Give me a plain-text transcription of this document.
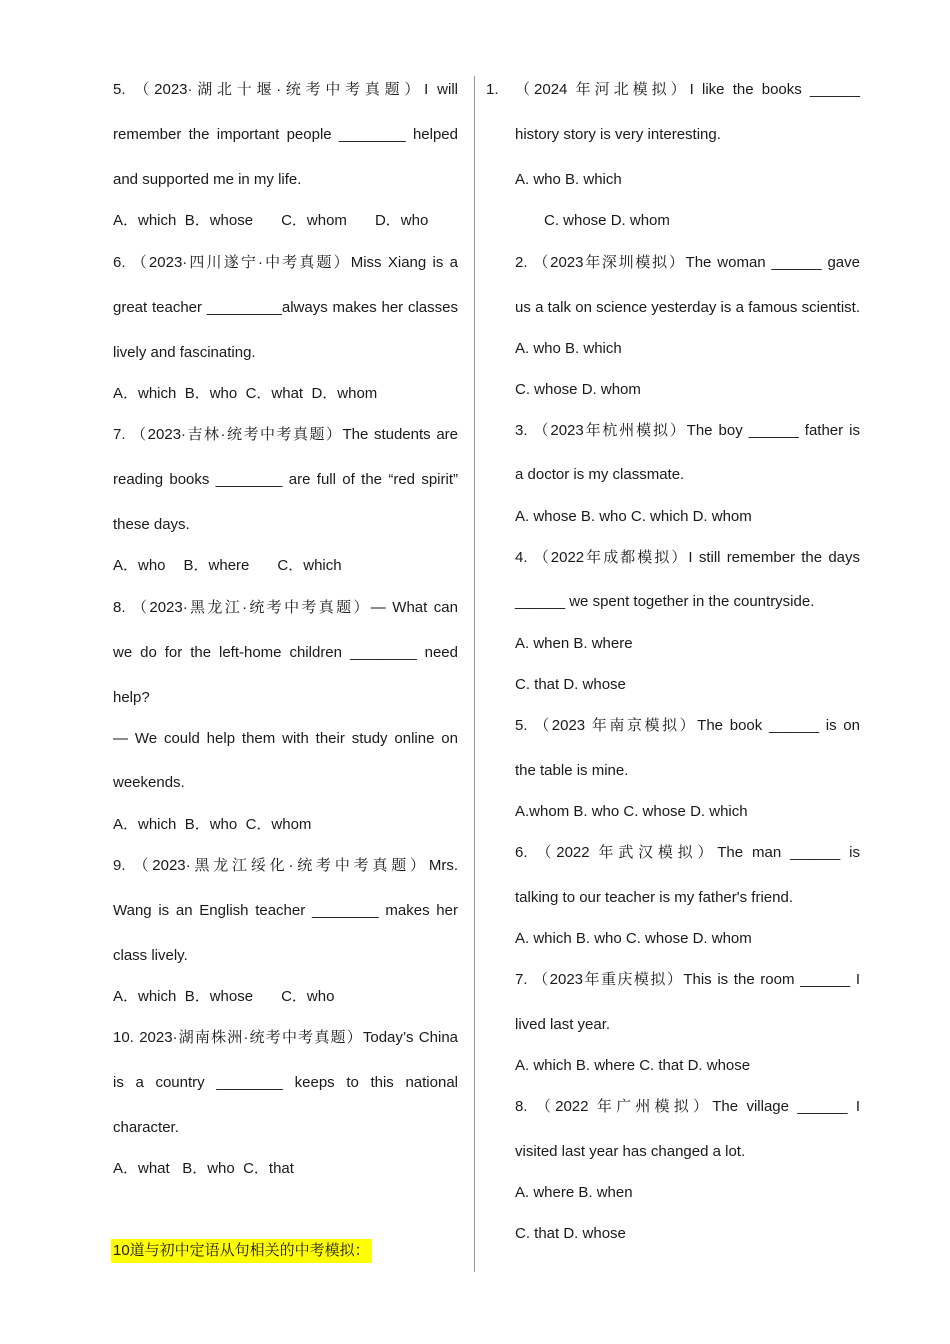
5. （2023·湖北十堰·统考中考真题）I will
remember the important people ________ helped
and supported me in my life.
A．which B．whose C．whom D．who
6. （2023·四川遂宁·中考真题）Miss Xiang is a
great teacher _________always makes her classes
lively and fascinating.
A．which B．who C．what D．whom
7. （2023·吉林·统考中考真题）The students are
reading books ________ are full of the “red spirit”
these days.
A．who B．where C．which
8. （2023·黑龙江·统考中考真题）— What can
we do for the left-home children ________ need
help?
— We could help them with their study online on
weekends.
A．which B．who C．whom
9. （2023·黑龙江绥化·统考中考真题）Mrs.
Wang is an English teacher ________ makes her
class lively.
A．which B．whose C．who
10. 2023·湖南株洲·统考中考真题）Today’s China
is a country ________ keeps to this national
character.
A．what B．who C．that
10道与初中定语从句相关的中考模拟：
1. （2024 年河北模拟）I like the books ______
history story is very interesting.
A. who B. which
C. whose D. whom
2. （2023年深圳模拟）The woman ______ gave
us a talk on science yesterday is a famous scientist.
A. who B. which
C. whose D. whom
3. （2023年杭州模拟）The boy ______ father is
a doctor is my classmate.
A. whose B. who C. which D. whom
4. （2022年成都模拟）I still remember the days
______ we spent together in the countryside.
A. when B. where
C. that D. whose
5. （2023 年南京模拟）The book ______ is on
the table is mine.
A.whom B. who C. whose D. which
6. （2022 年武汉模拟）The man ______ is
talking to our teacher is my father's friend.
A. which B. who C. whose D. whom
7. （2023年重庆模拟）This is the room ______ I
lived last year.
A. which B. where C. that D. whose
8. （2022 年广州模拟）The village ______ I
visited last year has changed a lot.
A. where B. when
C. that D. whose
